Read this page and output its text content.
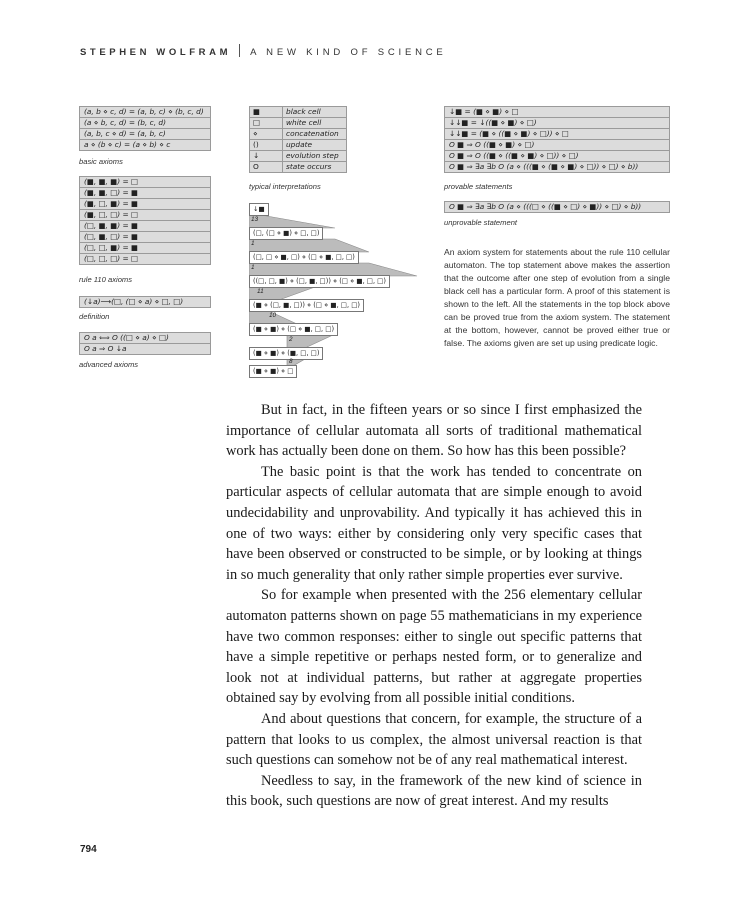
STEPHEN WOLFRAM A NEW KIND OF SCIENCE
(a, b ⋄ c, d) = (a, b, c) ⋄ (b, c, d)
(a ⋄ b, c, d) = (b, c, d)
(a, b, c ⋄ d) = (a, b, c)
a ⋄ (b ⋄ c) = (a ⋄ b) ⋄ c
basic axioms
(■, ■, ■) = □
(■, ■, □) = ■
(■, □, ■) = ■
(■, □, □) = □
(□, ■, ■) = ■
(□, ■, □) = ■
(□, □, ■) = ■
(□, □, □) = □
rule 110 axioms
(↓a)⟶(□, (□ ⋄ a) ⋄ □, □)
definition
O a ⟺ O ((□ ⋄ a) ⋄ □)
O a ⇒ O ↓a
advanced axioms
■	black cell
□	white cell
⋄	concatenation
()	update
↓	evolution step
O	state occurs
typical interpretations
↓■
13
(□, (□ ⋄ ■) ⋄ □, □)
1
(□, □ ⋄ ■, □) ⋄ (□ ⋄ ■, □, □)
1
((□, □, ■) ⋄ (□, ■, □)) ⋄ (□ ⋄ ■, □, □)
11
(■ ⋄ (□, ■, □)) ⋄ (□ ⋄ ■, □, □)
10
(■ ⋄ ■) ⋄ (□ ⋄ ■, □, □)
2
(■ ⋄ ■) ⋄ (■, □, □)
8
(■ ⋄ ■) ⋄ □
↓■ = (■ ⋄ ■) ⋄ □
↓↓■ = ↓((■ ⋄ ■) ⋄ □)
↓↓■ = (■ ⋄ ((■ ⋄ ■) ⋄ □)) ⋄ □
O ■ ⇒ O ((■ ⋄ ■) ⋄ □)
O ■ ⇒ O ((■ ⋄ ((■ ⋄ ■) ⋄ □)) ⋄ □)
O ■ ⇒ ∃a ∃b O (a ⋄ (((■ ⋄ (■ ⋄ ■) ⋄ □)) ⋄ □) ⋄ b))
provable statements
O ■ ⇒ ∃a ∃b O (a ⋄ (((□ ⋄ ((■ ⋄ □) ⋄ ■)) ⋄ □) ⋄ b))
unprovable statement
An axiom system for statements about the rule 110 cellular automaton. The top statement above makes the assertion that the outcome after one step of evolution from a single black cell has a particular form. A proof of this statement is shown to the left. All the statements in the top block above can be proved true from the axiom system. The statement at the bottom, however, cannot be proved either true or false. The axioms given are set up using predicate logic.

But in fact, in the fifteen years or so since I first emphasized the importance of cellular automata all sorts of traditional mathematical work has actually been done on them. So how has this been possible?

The basic point is that the work has tended to concentrate on particular aspects of cellular automata that are simple enough to avoid undecidability and unprovability. And typically it has achieved this in one of two ways: either by considering only very specific cases that have been observed or constructed to be simple, or by looking at things in so much generality that only rather simple properties ever survive.

So for example when presented with the 256 elementary cellular automaton patterns shown on page 55 mathematicians in my experience have two common responses: either to single out specific patterns that have a simple repetitive or perhaps nested form, or to generalize and look not at individual patterns, but rather at aggregate properties obtained say by evolving from all possible initial conditions.

And about questions that concern, for example, the structure of a pattern that looks to us complex, the almost universal reaction is that such questions can somehow not be of any real mathematical interest.

Needless to say, in the framework of the new kind of science in this book, such questions are now of great interest. And my results

794
